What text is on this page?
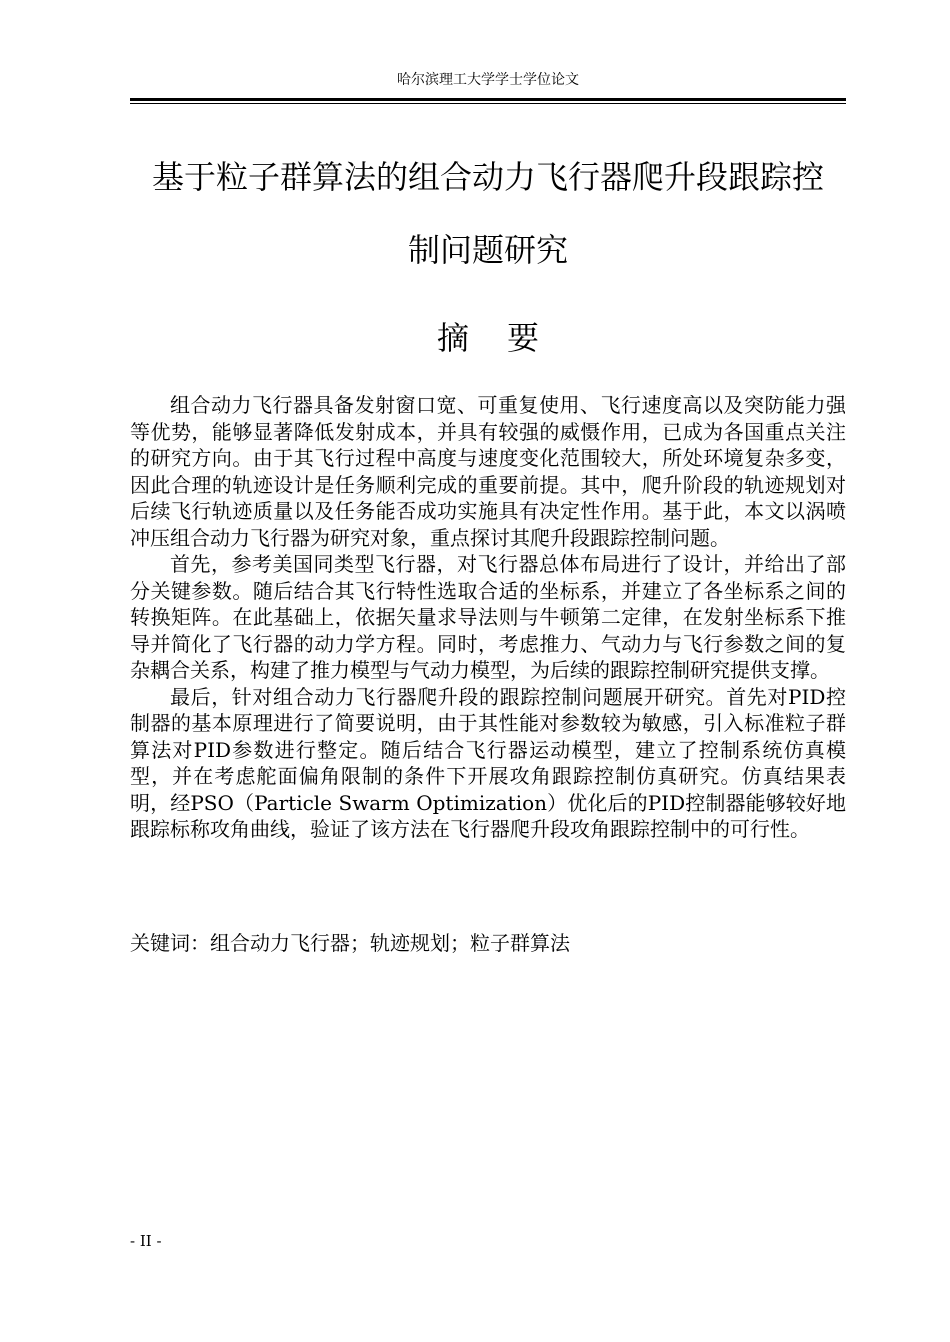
哈尔滨理工大学学士学位论文
基于粒子群算法的组合动力飞行器爬升段跟踪控
制问题研究
摘要

组合动力飞行器具备发射窗口宽、可重复使用、飞行速度高以及突防能力强等优势，能够显著降低发射成本，并具有较强的威慑作用，已成为各国重点关注的研究方向。由于其飞行过程中高度与速度变化范围较大，所处环境复杂多变，因此合理的轨迹设计是任务顺利完成的重要前提。其中，爬升阶段的轨迹规划对后续飞行轨迹质量以及任务能否成功实施具有决定性作用。基于此，本文以涡喷冲压组合动力飞行器为研究对象，重点探讨其爬升段跟踪控制问题。

首先，参考美国同类型飞行器，对飞行器总体布局进行了设计，并给出了部分关键参数。随后结合其飞行特性选取合适的坐标系，并建立了各坐标系之间的转换矩阵。在此基础上，依据矢量求导法则与牛顿第二定律，在发射坐标系下推导并简化了飞行器的动力学方程。同时，考虑推力、气动力与飞行参数之间的复杂耦合关系，构建了推力模型与气动力模型，为后续的跟踪控制研究提供支撑。

最后，针对组合动力飞行器爬升段的跟踪控制问题展开研究。首先对PID控制器的基本原理进行了简要说明，由于其性能对参数较为敏感，引入标准粒子群算法对PID参数进行整定。随后结合飞行器运动模型，建立了控制系统仿真模型，并在考虑舵面偏角限制的条件下开展攻角跟踪控制仿真研究。仿真结果表明，经PSO（Particle Swarm Optimization）优化后的PID控制器能够较好地跟踪标称攻角曲线，验证了该方法在飞行器爬升段攻角跟踪控制中的可行性。

关键词：组合动力飞行器；轨迹规划；粒子群算法
- II -
